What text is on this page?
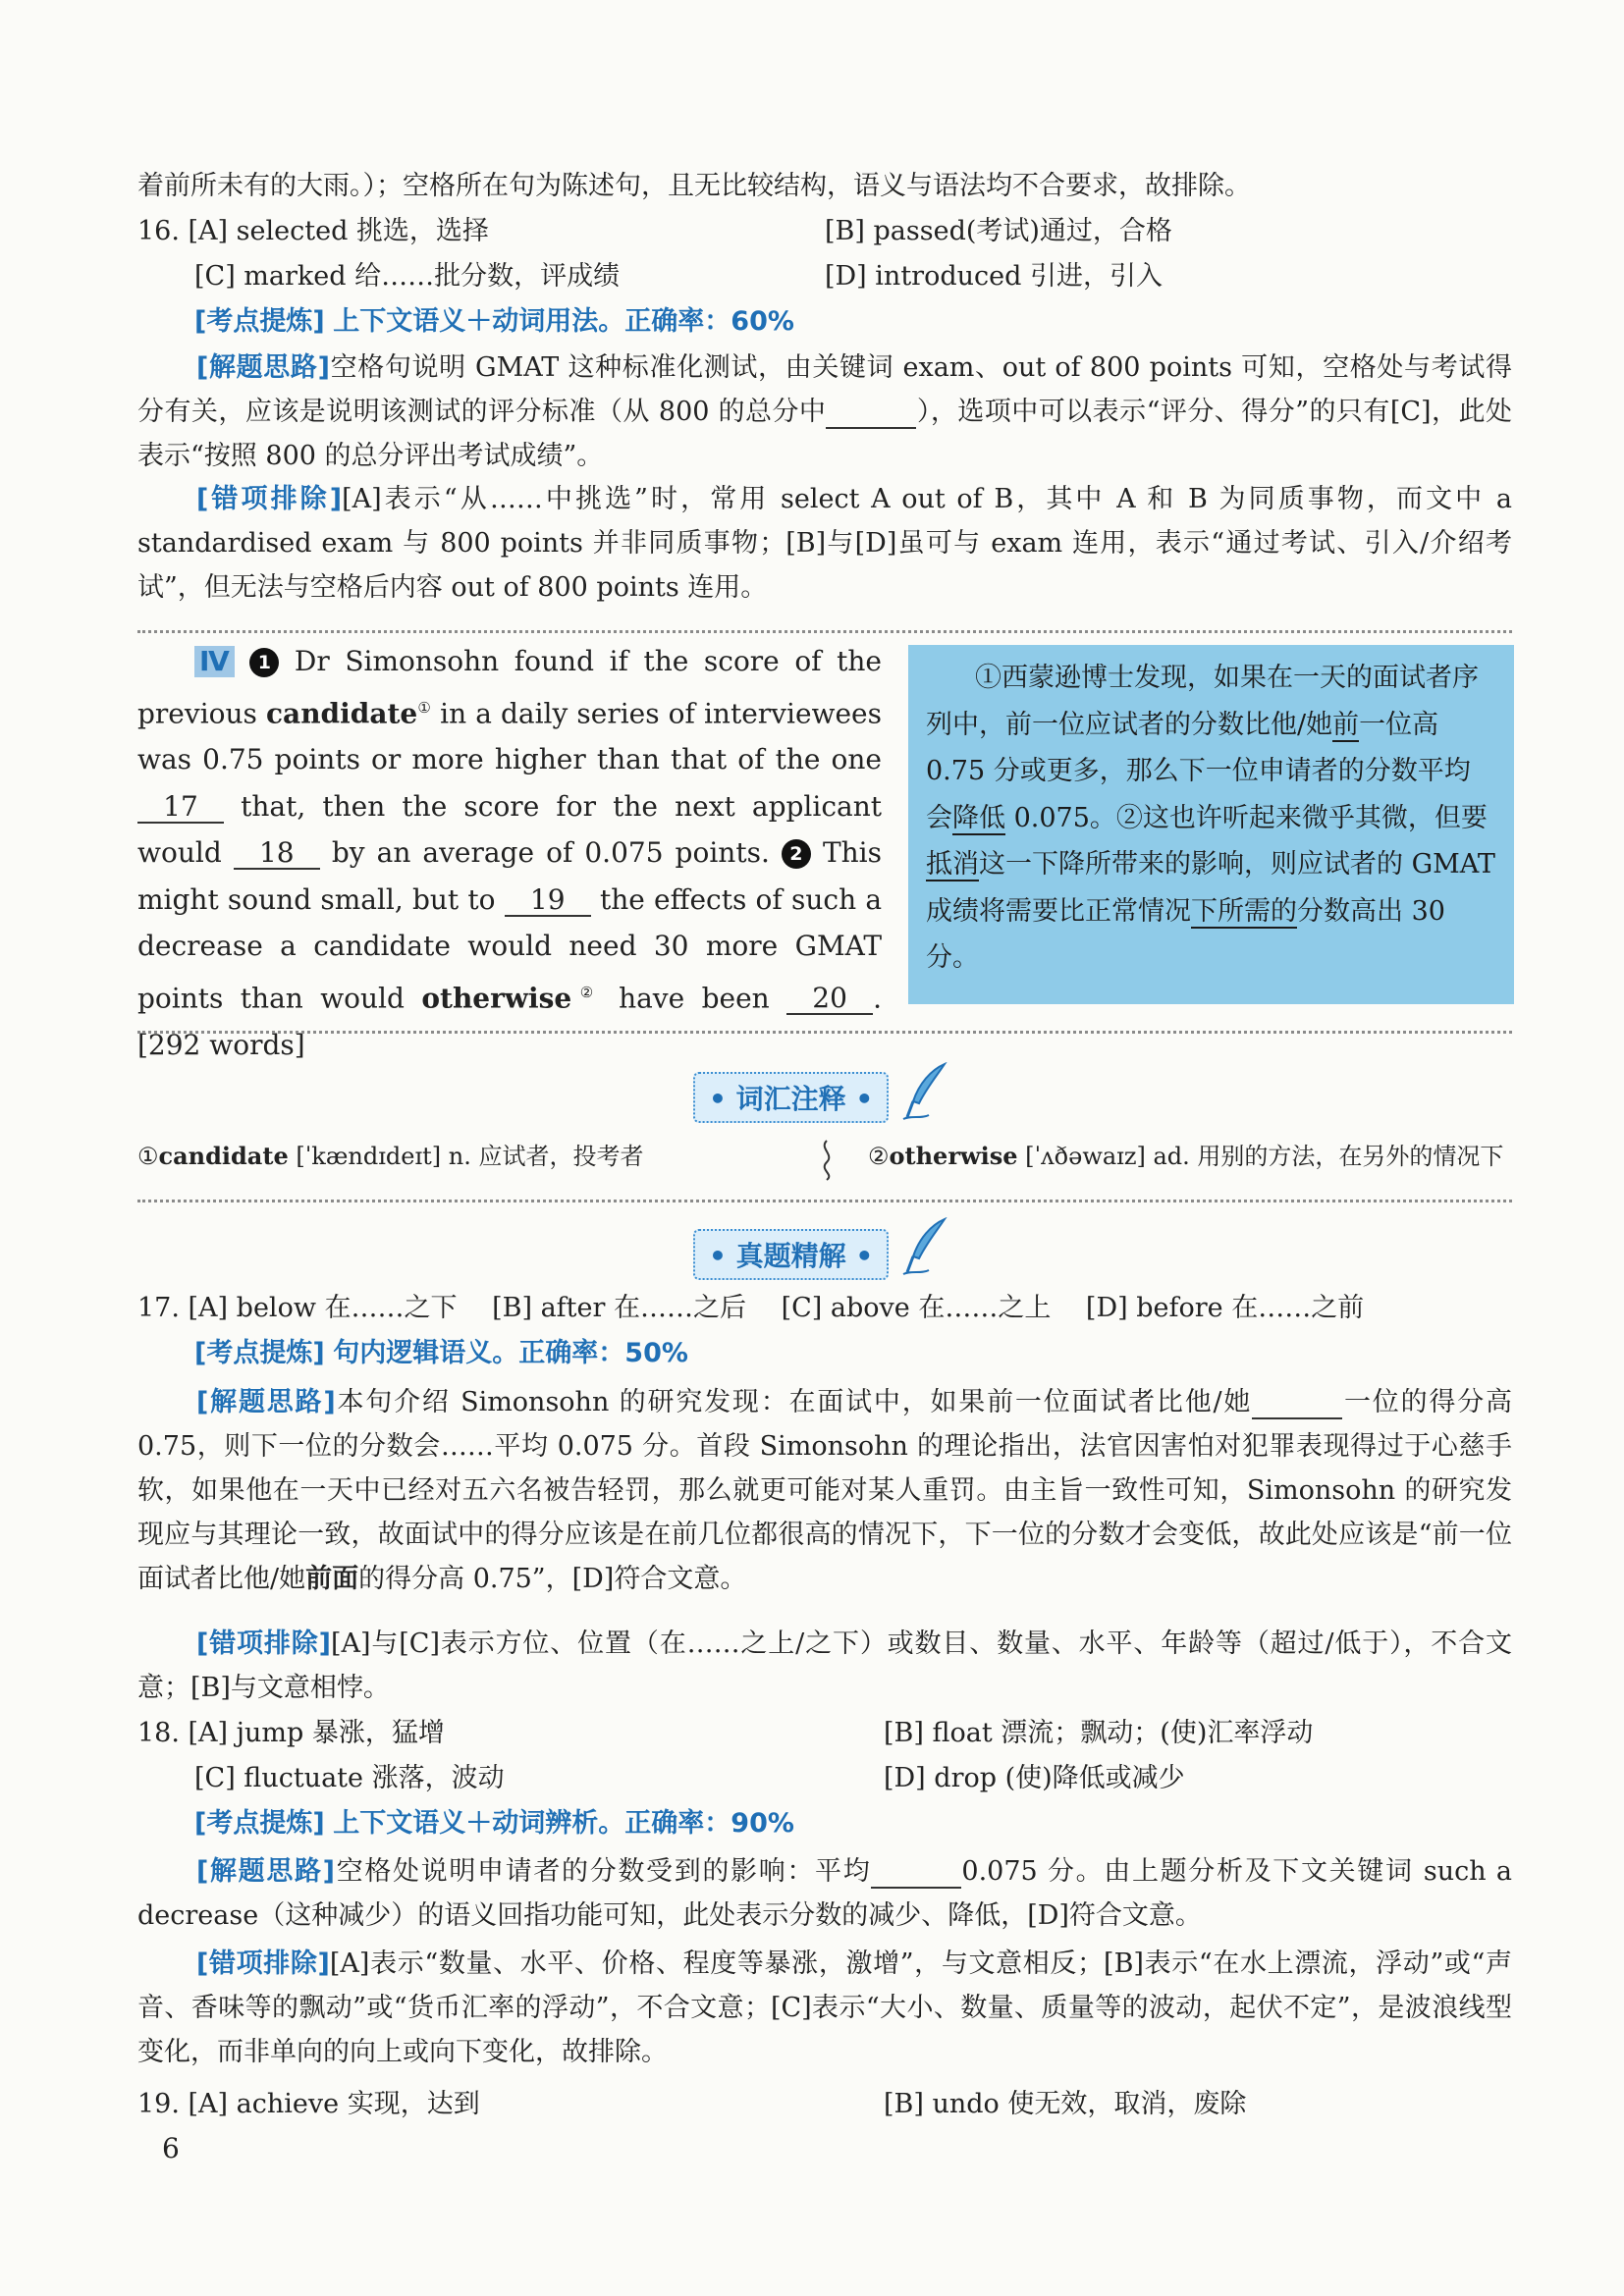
着前所未有的大雨。）；空格所在句为陈述句，且无比较结构，语义与语法均不合要求，故排除。
16. [A] selected 挑选，选择	[B] passed(考试)通过，合格
[C] marked 给……批分数，评成绩	[D] introduced 引进，引入
[考点提炼] 上下文语义＋动词用法。正确率：60%
[解题思路]空格句说明 GMAT 这种标准化测试，由关键词 exam、out of 800 points 可知，空格处与考试得分有关，应该是说明该测试的评分标准（从 800 的总分中	），选项中可以表示“评分、得分”的只有[C]，此处表示“按照 800 的总分评出考试成绩”。
[错项排除][A]表示“从……中挑选”时，常用 select A out of B，其中 A 和 B 为同质事物，而文中 a standardised exam 与 800 points 并非同质事物；[B]与[D]虽可与 exam 连用，表示“通过考试、引入/介绍考试”，但无法与空格后内容 out of 800 points 连用。
Ⅳ 1 Dr Simonsohn found if the score of the previous candidate① in a daily series of interviewees was 0.75 points or more higher than that of the one 17 that, then the score for the next applicant would 18 by an average of 0.075 points. 2 This might sound small, but to 19 the effects of such a decrease a candidate would need 30 more GMAT points than would otherwise② have been 20 . [292 words]
①西蒙逊博士发现，如果在一天的面试者序列中，前一位应试者的分数比他/她前一位高 0.75 分或更多，那么下一位申请者的分数平均会降低 0.075。②这也许听起来微乎其微，但要抵消这一下降所带来的影响，则应试者的 GMAT 成绩将需要比正常情况下所需的分数高出 30 分。
• 词汇注释 •
①candidate [ˈkændɪdeɪt] n. 应试者，投考者	②otherwise [ˈʌðəwaɪz] ad. 用别的方法，在另外的情况下
• 真题精解 •
17. [A] below 在……之下　 [B] after 在……之后　 [C] above 在……之上　 [D] before 在……之前
[考点提炼] 句内逻辑语义。正确率：50%
[解题思路]本句介绍 Simonsohn 的研究发现：在面试中，如果前一位面试者比他/她	一位的得分高 0.75，则下一位的分数会……平均 0.075 分。首段 Simonsohn 的理论指出，法官因害怕对犯罪表现得过于心慈手软，如果他在一天中已经对五六名被告轻罚，那么就更可能对某人重罚。由主旨一致性可知，Simonsohn 的研究发现应与其理论一致，故面试中的得分应该是在前几位都很高的情况下，下一位的分数才会变低，故此处应该是“前一位面试者比他/她前面的得分高 0.75”，[D]符合文意。
[错项排除][A]与[C]表示方位、位置（在……之上/之下）或数目、数量、水平、年龄等（超过/低于），不合文意；[B]与文意相悖。
18. [A] jump 暴涨，猛增	[B] float 漂流；飘动；(使)汇率浮动
[C] fluctuate 涨落，波动	[D] drop (使)降低或减少
[考点提炼] 上下文语义＋动词辨析。正确率：90%
[解题思路]空格处说明申请者的分数受到的影响：平均	0.075 分。由上题分析及下文关键词 such a decrease（这种减少）的语义回指功能可知，此处表示分数的减少、降低，[D]符合文意。
[错项排除][A]表示“数量、水平、价格、程度等暴涨，激增”，与文意相反；[B]表示“在水上漂流，浮动”或“声音、香味等的飘动”或“货币汇率的浮动”，不合文意；[C]表示“大小、数量、质量等的波动，起伏不定”，是波浪线型变化，而非单向的向上或向下变化，故排除。
19. [A] achieve 实现，达到	[B] undo 使无效，取消，废除
6
